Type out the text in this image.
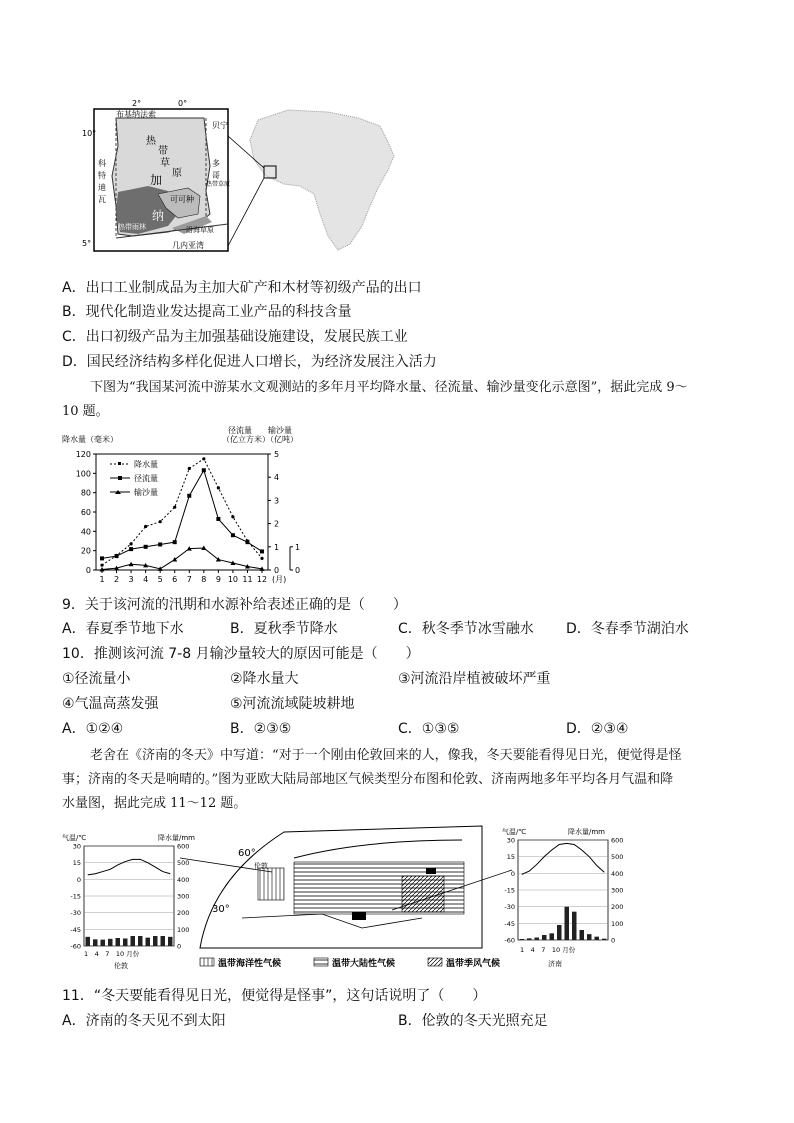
2°	0°
10°
5°
布基纳法索
贝宁
科
特
迪
瓦
热
带
草
原
加
纳
多
哥
可可种
热带雨林	沿海草原
几内亚湾
热带草原
A．出口工业制成品为主加大矿产和木材等初级产品的出口
B．现代化制造业发达提高工业产品的科技含量
C．出口初级产品为主加强基础设施建设，发展民族工业
D．国民经济结构多样化促进人口增长，为经济发展注入活力
下图为“我国某河流中游某水文观测站的多年月平均降水量、径流量、输沙量变化示意图”，据此完成 9～
10 题。
降水量（毫米）
径流量
（亿立方米）
输沙量
（亿吨）
0
20
40
60
80
100
120
0
1
2
3
4
5
0
1
1 2 3 4 5 6 7 8 9 10 11 12 (月)
降水量
径流量
输沙量
9．关于该河流的汛期和水源补给表述正确的是（　　）
A．春夏季节地下水	B．夏秋季节降水	C．秋冬季节冰雪融水 D．冬春季节湖泊水
10．推测该河流 7-8 月输沙量较大的原因可能是（　　）
①径流量小	②降水量大	③河流沿岸植被破坏严重
④气温高蒸发强	⑤河流流域陡坡耕地
A．①②④	B．②③⑤	C．①③⑤	D．②③④
老舍在《济南的冬天》中写道：“对于一个刚由伦敦回来的人，像我，冬天要能看得见日光，便觉得是怪
事；济南的冬天是响晴的。”图为亚欧大陆局部地区气候类型分布图和伦敦、济南两地多年平均各月气温和降
水量图，据此完成 11～12 题。
气温/℃	降水量/mm
30
15
0
-15
-30
-45
-60
600
500
400
300
200
100
0
1　4　7　10 月份
伦敦
60°
30°
伦敦
温带海洋性气候	温带大陆性气候	温带季风气候
气温/℃	降水量/mm
30
15
0
-15
-30
-45
-60
600
500
400
300
200
100
0
1　4　7　10 月份
济南
11．“冬天要能看得见日光，便觉得是怪事”，这句话说明了（　　）
A．济南的冬天见不到太阳	B．伦敦的冬天光照充足
